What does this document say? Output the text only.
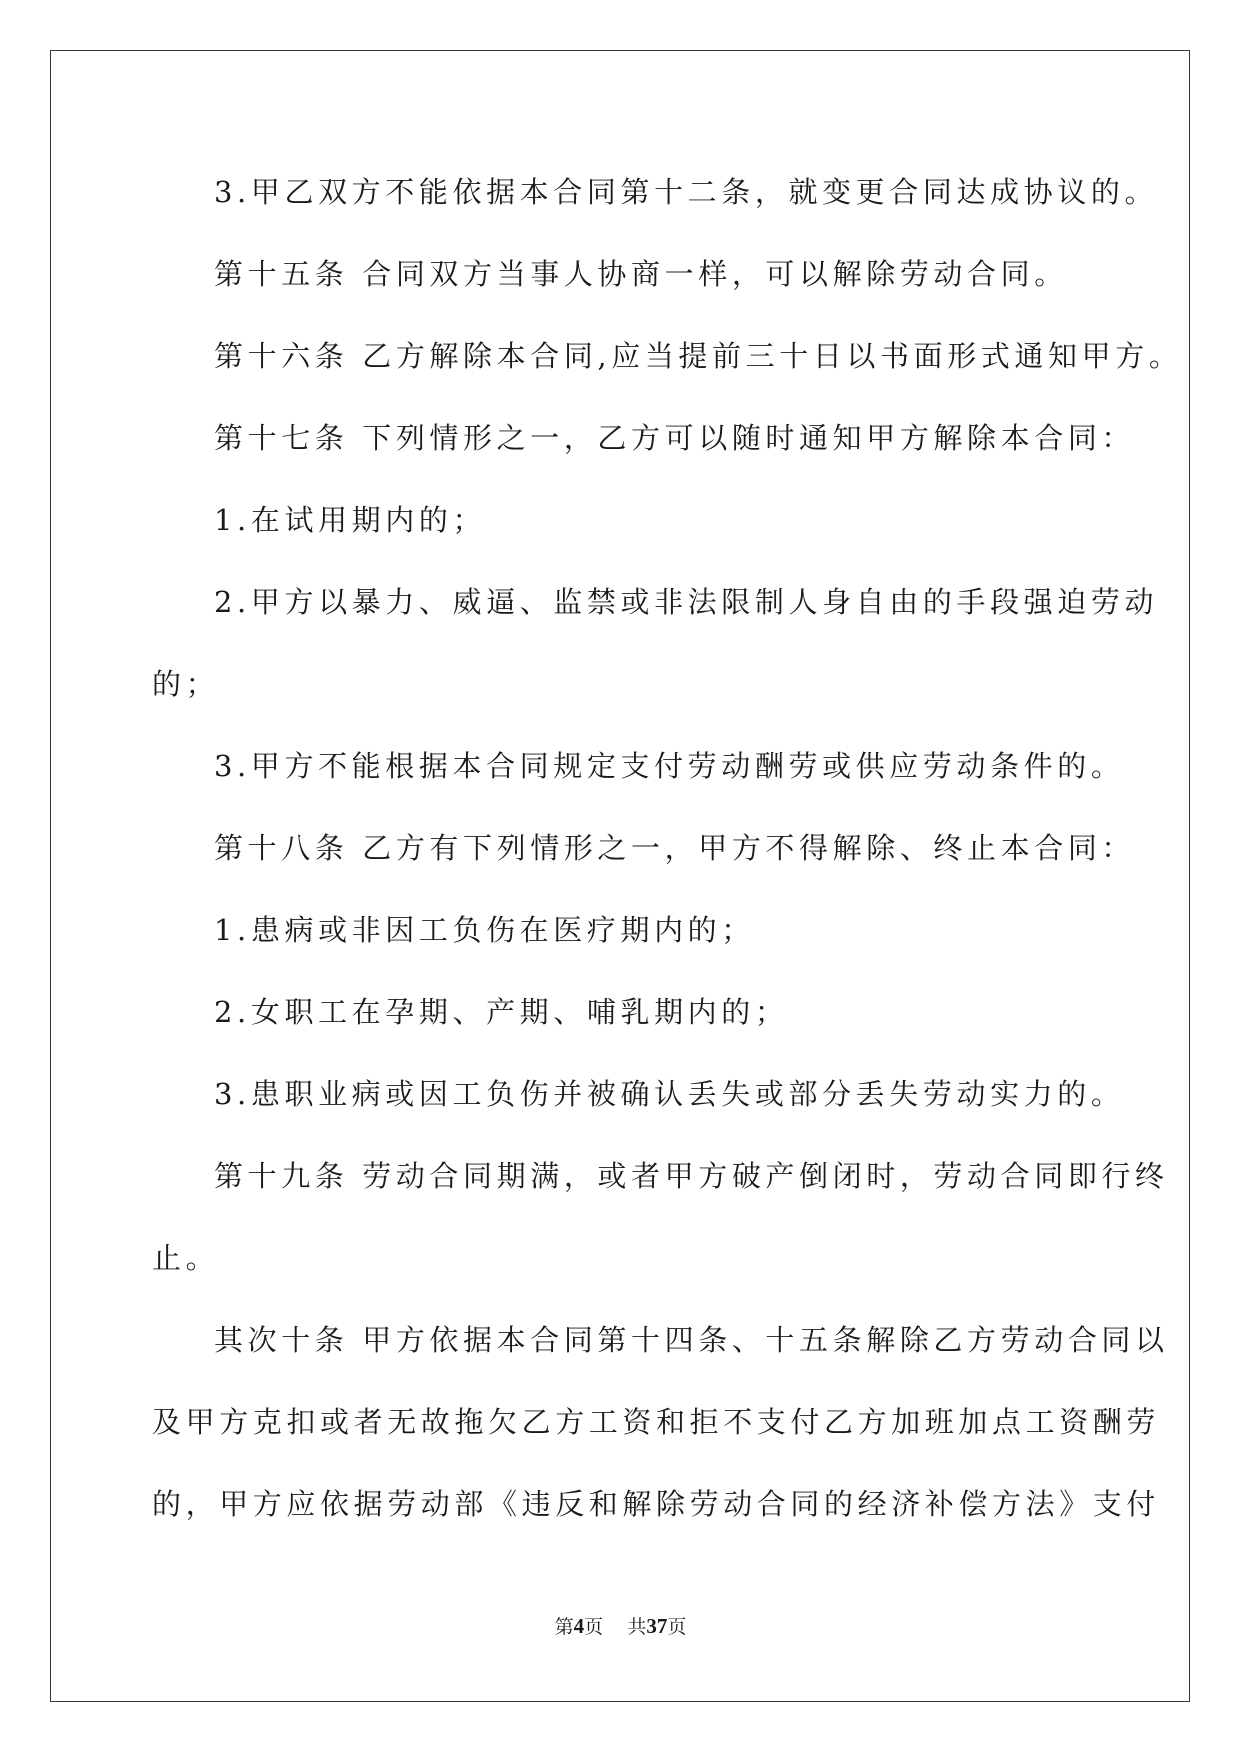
3.甲乙双方不能依据本合同第十二条，就变更合同达成协议的。
第十五条 合同双方当事人协商一样，可以解除劳动合同。
第十六条 乙方解除本合同,应当提前三十日以书面形式通知甲方。
第十七条 下列情形之一，乙方可以随时通知甲方解除本合同：
1.在试用期内的；
2.甲方以暴力、威逼、监禁或非法限制人身自由的手段强迫劳动
的；
3.甲方不能根据本合同规定支付劳动酬劳或供应劳动条件的。
第十八条 乙方有下列情形之一，甲方不得解除、终止本合同：
1.患病或非因工负伤在医疗期内的；
2.女职工在孕期、产期、哺乳期内的；
3.患职业病或因工负伤并被确认丢失或部分丢失劳动实力的。
第十九条 劳动合同期满，或者甲方破产倒闭时，劳动合同即行终
止。
其次十条 甲方依据本合同第十四条、十五条解除乙方劳动合同以
及甲方克扣或者无故拖欠乙方工资和拒不支付乙方加班加点工资酬劳
的，甲方应依据劳动部《违反和解除劳动合同的经济补偿方法》支付
第4页 共37页
